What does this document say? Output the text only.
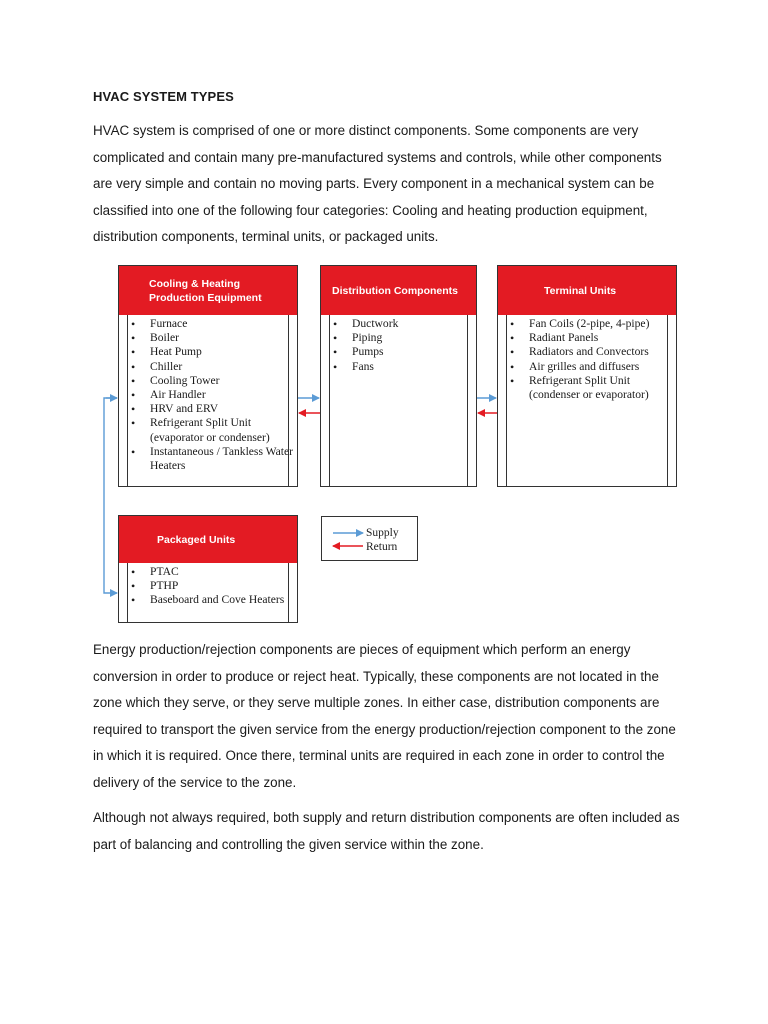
HVAC SYSTEM TYPES

HVAC system is comprised of one or more distinct components. Some components are very complicated and contain many pre-manufactured systems and controls, while other components are very simple and contain no moving parts. Every component in a mechanical system can be classified into one of the following four categories: Cooling and heating production equipment, distribution components, terminal units, or packaged units.

Cooling & Heating
Production Equipment
• Furnace
• Boiler
• Heat Pump
• Chiller
• Cooling Tower
• Air Handler
• HRV and ERV
• Refrigerant Split Unit (evaporator or condenser)
• Instantaneous / Tankless Water Heaters
Distribution Components
• Ductwork
• Piping
• Pumps
• Fans
Terminal Units
• Fan Coils (2-pipe, 4-pipe)
• Radiant Panels
• Radiators and Convectors
• Air grilles and diffusers
• Refrigerant Split Unit (condenser or evaporator)
Packaged Units
• PTAC
• PTHP
• Baseboard and Cove Heaters
Supply
Return

Energy production/rejection components are pieces of equipment which perform an energy conversion in order to produce or reject heat. Typically, these components are not located in the zone which they serve, or they serve multiple zones. In either case, distribution components are required to transport the given service from the energy production/rejection component to the zone in which it is required. Once there, terminal units are required in each zone in order to control the delivery of the service to the zone.

Although not always required, both supply and return distribution components are often included as part of balancing and controlling the given service within the zone.
